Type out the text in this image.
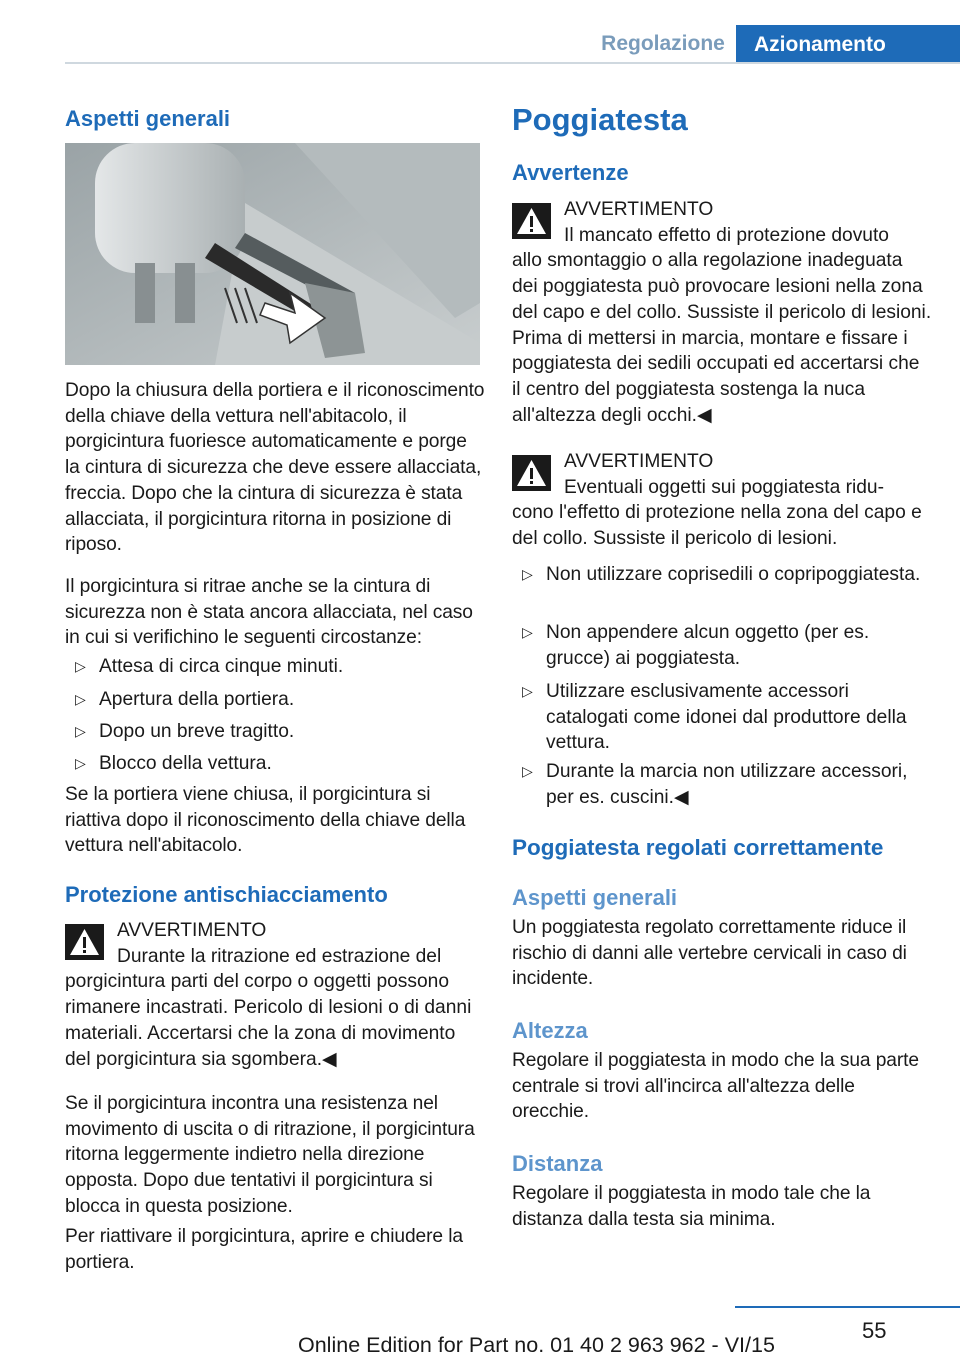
Regolazione	Azionamento

Aspetti generali

Dopo la chiusura della portiera e il riconoscimento della chiave della vettura nell'abitacolo, il porgicintura fuoriesce automaticamente e porge la cintura di sicurezza che deve essere allacciata, freccia. Dopo che la cintura di sicurezza è stata allacciata, il porgicintura ritorna in posizione di riposo.

Il porgicintura si ritrae anche se la cintura di sicurezza non è stata ancora allacciata, nel caso in cui si verifichino le seguenti circostanze:

▷ Attesa di circa cinque minuti.

▷ Apertura della portiera.

▷ Dopo un breve tragitto.

▷ Blocco della vettura.

Se la portiera viene chiusa, il porgicintura si riattiva dopo il riconoscimento della chiave della vettura nell'abitacolo.

Protezione antischiacciamento

AVVERTIMENTO
Durante la ritrazione ed estrazione del
porgicintura parti del corpo o oggetti possono rimanere incastrati. Pericolo di lesioni o di danni materiali. Accertarsi che la zona di movimento del porgicintura sia sgombera.◀

Se il porgicintura incontra una resistenza nel movimento di uscita o di ritrazione, il porgicintura ritorna leggermente indietro nella direzione opposta. Dopo due tentativi il porgicintura si blocca in questa posizione.

Per riattivare il porgicintura, aprire e chiudere la portiera.

Poggiatesta

Avvertenze

AVVERTIMENTO
Il mancato effetto di protezione dovuto
allo smontaggio o alla regolazione inadeguata dei poggiatesta può provocare lesioni nella zona del capo e del collo. Sussiste il pericolo di lesioni. Prima di mettersi in marcia, montare e fissare i poggiatesta dei sedili occupati ed accertarsi che il centro del poggiatesta sostenga la nuca all'altezza degli occhi.◀

AVVERTIMENTO
Eventuali oggetti sui poggiatesta ridu-
cono l'effetto di protezione nella zona del capo e del collo. Sussiste il pericolo di lesioni.

▷ Non utilizzare coprisedili o copripoggiatesta.

▷ Non appendere alcun oggetto (per es. grucce) ai poggiatesta.

▷ Utilizzare esclusivamente accessori catalogati come idonei dal produttore della vettura.

▷ Durante la marcia non utilizzare accessori, per es. cuscini.◀

Poggiatesta regolati correttamente

Aspetti generali

Un poggiatesta regolato correttamente riduce il rischio di danni alle vertebre cervicali in caso di incidente.

Altezza

Regolare il poggiatesta in modo che la sua parte centrale si trovi all'incirca all'altezza delle orecchie.

Distanza

Regolare il poggiatesta in modo tale che la distanza dalla testa sia minima.

55
Online Edition for Part no. 01 40 2 963 962 - VI/15
